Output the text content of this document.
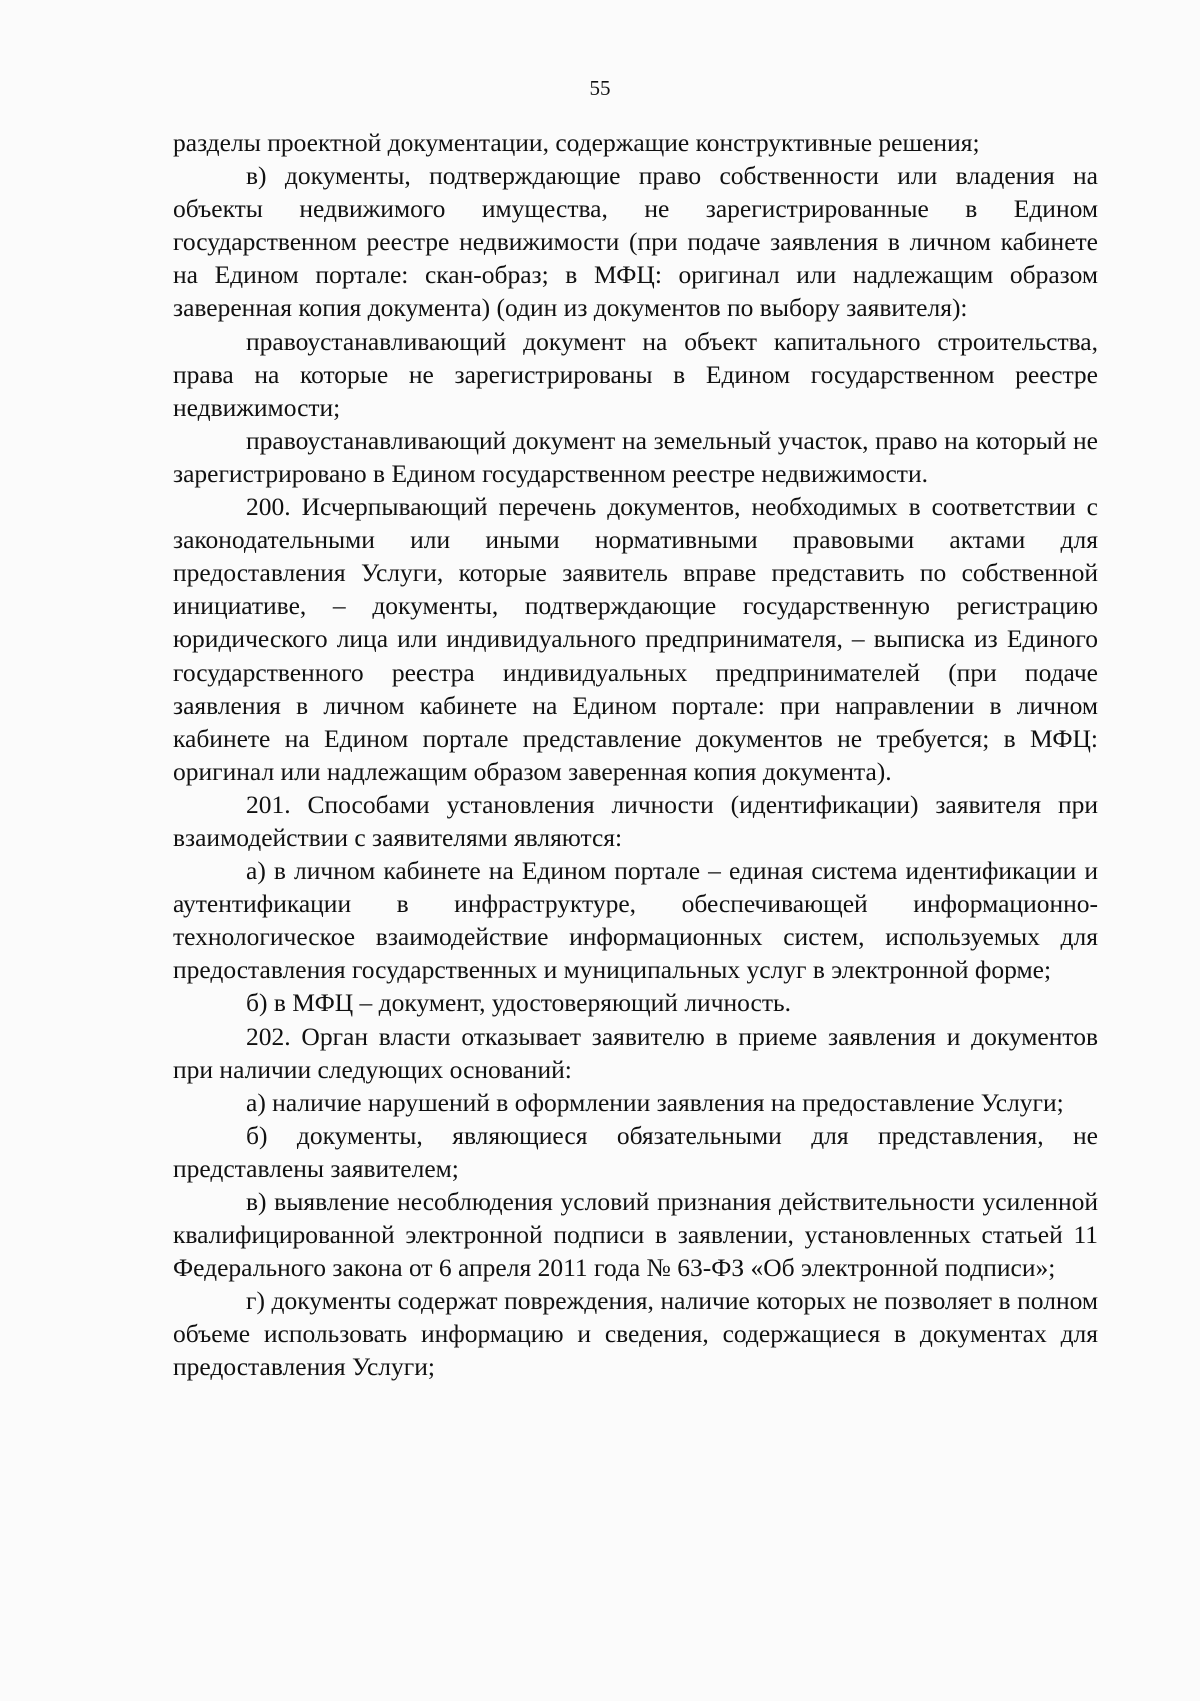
55

разделы проектной документации, содержащие конструктивные решения;

в) документы, подтверждающие право собственности или владения на объекты недвижимого имущества, не зарегистрированные в Едином государственном реестре недвижимости (при подаче заявления в личном кабинете на Едином портале: скан-образ; в МФЦ: оригинал или надлежащим образом заверенная копия документа) (один из документов по выбору заявителя):

правоустанавливающий документ на объект капитального строительства, права на которые не зарегистрированы в Едином государственном реестре недвижимости;

правоустанавливающий документ на земельный участок, право на который не зарегистрировано в Едином государственном реестре недвижимости.

200. Исчерпывающий перечень документов, необходимых в соответствии с законодательными или иными нормативными правовыми актами для предоставления Услуги, которые заявитель вправе представить по собственной инициативе, – документы, подтверждающие государственную регистрацию юридического лица или индивидуального предпринимателя, – выписка из Единого государственного реестра индивидуальных предпринимателей (при подаче заявления в личном кабинете на Едином портале: при направлении в личном кабинете на Едином портале представление документов не требуется; в МФЦ: оригинал или надлежащим образом заверенная копия документа).

201. Способами установления личности (идентификации) заявителя при взаимодействии с заявителями являются:

а) в личном кабинете на Едином портале – единая система идентификации и аутентификации в инфраструктуре, обеспечивающей информационно-технологическое взаимодействие информационных систем, используемых для предоставления государственных и муниципальных услуг в электронной форме;

б) в МФЦ – документ, удостоверяющий личность.

202. Орган власти отказывает заявителю в приеме заявления и документов при наличии следующих оснований:

а) наличие нарушений в оформлении заявления на предоставление Услуги;

б) документы, являющиеся обязательными для представления, не представлены заявителем;

в) выявление несоблюдения условий признания действительности усиленной квалифицированной электронной подписи в заявлении, установленных статьей 11 Федерального закона от 6 апреля 2011 года № 63-ФЗ «Об электронной подписи»;

г) документы содержат повреждения, наличие которых не позволяет в полном объеме использовать информацию и сведения, содержащиеся в документах для предоставления Услуги;
